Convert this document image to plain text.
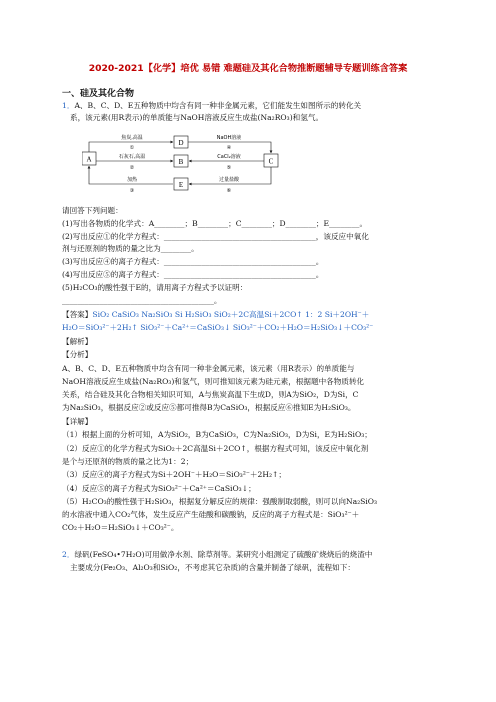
2020-2021【化学】培优 易错 难题硅及其化合物推断题辅导专题训练含答案
一、硅及其化合物
1．A、B、C、D、E五种物质中均含有同一种非金属元素，它们能发生如图所示的转化关
系，该元素(用R表示)的单质能与NaOH溶液反应生成盐(Na₂RO₃)和氢气。
A
D
B
E
C
焦炭,高温
①
NaOH溶液
④
石灰石,高温
②
CaCl₂溶液
⑤
加热
③
过量盐酸
⑥
请回答下列问题：
(1)写出各物质的化学式：A________；B________；C________；D________；E________。
(2)写出反应①的化学方程式：________________________________________，该反应中氧化
剂与还原剂的物质的量之比为________。
(3)写出反应④的离子方程式：________________________________________。
(4)写出反应⑤的离子方程式：________________________________________。
(5)H₂CO₃的酸性强于E的，请用离子方程式予以证明：
________________________________________。
【答案】SiO₂ CaSiO₃ Na₂SiO₃ Si H₂SiO₃ SiO₂＋2C高温Si＋2CO↑ 1：2 Si＋2OH⁻＋
H₂O＝SiO₃²⁻＋2H₂↑ SiO₃²⁻＋Ca²⁺＝CaSiO₃↓ SiO₃²⁻＋CO₂＋H₂O＝H₂SiO₃↓＋CO₃²⁻
【解析】
【分析】
A、B、C、D、E五种物质中均含有同一种非金属元素，该元素（用R表示）的单质能与
NaOH溶液反应生成盐(Na₂RO₃)和氢气，则可推知该元素为硅元素，根据题中各物质转化
关系，结合硅及其化合物相关知识可知，A与焦炭高温下生成D，则A为SiO₂，D为Si，C
为Na₂SiO₃，根据反应②或反应⑤都可推得B为CaSiO₃，根据反应⑥推知E为H₂SiO₃。
【详解】
（1）根据上面的分析可知，A为SiO₂，B为CaSiO₃，C为Na₂SiO₃，D为Si，E为H₂SiO₃；
（2）反应①的化学方程式为SiO₂＋2C高温Si＋2CO↑，根据方程式可知，该反应中氧化剂
是个与还原剂的物质的量之比为1：2；
（3）反应④的离子方程式为Si＋2OH⁻＋H₂O＝SiO₃²⁻＋2H₂↑；
（4）反应⑤的离子方程式为SiO₃²⁻＋Ca²⁺＝CaSiO₃↓；
（5）H₂CO₃的酸性强于H₂SiO₃，根据复分解反应的规律：强酸制取弱酸，则可以向Na₂SiO₃
的水溶液中通入CO₂气体，发生反应产生硅酸和碳酸钠，反应的离子方程式是：SiO₃²⁻＋
CO₂＋H₂O＝H₂SiO₃↓＋CO₃²⁻。
2．绿矾(FeSO₄•7H₂O)可用做净水剂、除草剂等。某研究小组测定了硫酸矿烧烧后的烧渣中
主要成分(Fe₂O₃、Al₂O₃和SiO₂，不考虑其它杂质)的含量并制备了绿矾，流程如下：
